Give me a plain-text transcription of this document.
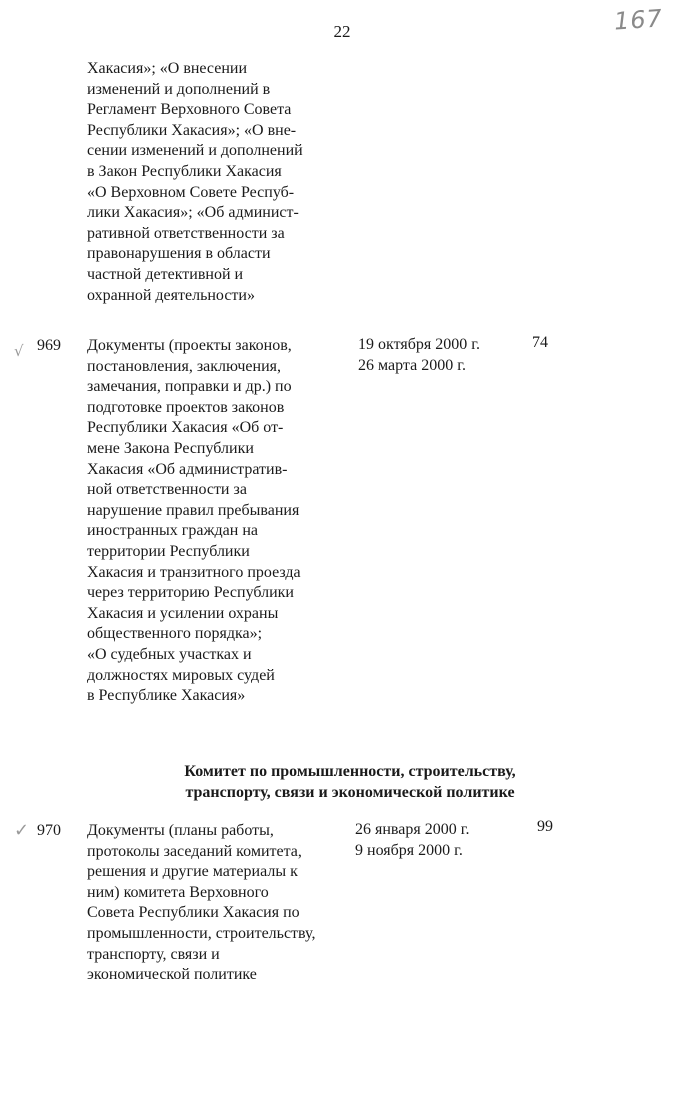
22	167
Хакасия»; «О внесении
изменений и дополнений в
Регламент Верховного Совета
Республики Хакасия»; «О вне-
сении изменений и дополнений
в Закон Республики Хакасия
«О Верховном Совете Респуб-
лики Хакасия»; «Об админист-
ративной ответственности за
правонарушения в области
частной детективной и
охранной деятельности»
√ 969 Документы (проекты законов,
постановления, заключения,
замечания, поправки и др.) по
подготовке проектов законов
Республики Хакасия «Об от-
мене Закона Республики
Хакасия «Об административ-
ной ответственности за
нарушение правил пребывания
иностранных граждан на
территории Республики
Хакасия и транзитного проезда
через территорию Республики
Хакасия и усилении охраны
общественного порядка»;
«О судебных участках и
должностях мировых судей
в Республике Хакасия»
19 октября 2000 г.
26 марта 2000 г.
74
Комитет по промышленности, строительству,
транспорту, связи и экономической политике
✓ 970 Документы (планы работы,
протоколы заседаний комитета,
решения и другие материалы к
ним) комитета Верховного
Совета Республики Хакасия по
промышленности, строительству,
транспорту, связи и
экономической политике
26 января 2000 г.
9 ноября 2000 г.
99
